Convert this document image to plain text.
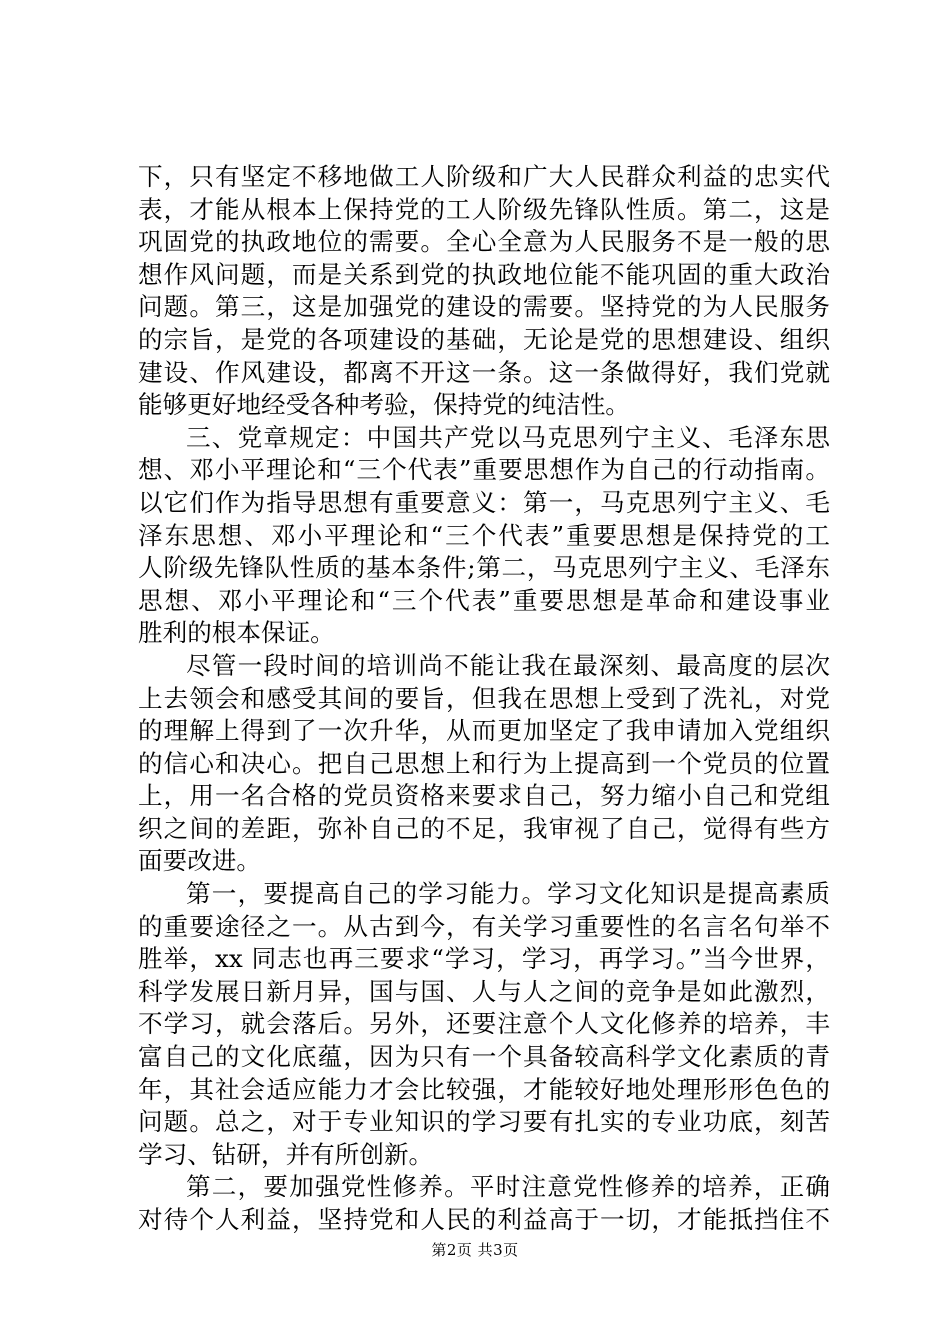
下，只有坚定不移地做工人阶级和广大人民群众利益的忠实代
表，才能从根本上保持党的工人阶级先锋队性质。第二，这是
巩固党的执政地位的需要。全心全意为人民服务不是一般的思
想作风问题，而是关系到党的执政地位能不能巩固的重大政治
问题。第三，这是加强党的建设的需要。坚持党的为人民服务
的宗旨，是党的各项建设的基础，无论是党的思想建设、组织
建设、作风建设，都离不开这一条。这一条做得好，我们党就
能够更好地经受各种考验，保持党的纯洁性。
三、党章规定：中国共产党以马克思列宁主义、毛泽东思
想、邓小平理论和“三个代表”重要思想作为自己的行动指南。
以它们作为指导思想有重要意义：第一，马克思列宁主义、毛
泽东思想、邓小平理论和“三个代表”重要思想是保持党的工
人阶级先锋队性质的基本条件;第二，马克思列宁主义、毛泽东
思想、邓小平理论和“三个代表”重要思想是革命和建设事业
胜利的根本保证。
尽管一段时间的培训尚不能让我在最深刻、最高度的层次
上去领会和感受其间的要旨，但我在思想上受到了洗礼，对党
的理解上得到了一次升华，从而更加坚定了我申请加入党组织
的信心和决心。把自己思想上和行为上提高到一个党员的位置
上，用一名合格的党员资格来要求自己，努力缩小自己和党组
织之间的差距，弥补自己的不足，我审视了自己，觉得有些方
面要改进。
第一，要提高自己的学习能力。学习文化知识是提高素质
的重要途径之一。从古到今，有关学习重要性的名言名句举不
胜举，xx 同志也再三要求“学习，学习，再学习。”当今世界，
科学发展日新月异，国与国、人与人之间的竞争是如此激烈，
不学习，就会落后。另外，还要注意个人文化修养的培养，丰
富自己的文化底蕴，因为只有一个具备较高科学文化素质的青
年，其社会适应能力才会比较强，才能较好地处理形形色色的
问题。总之，对于专业知识的学习要有扎实的专业功底，刻苦
学习、钻研，并有所创新。
第二，要加强党性修养。平时注意党性修养的培养，正确
对待个人利益，坚持党和人民的利益高于一切，才能抵挡住不
第2页 共3页
